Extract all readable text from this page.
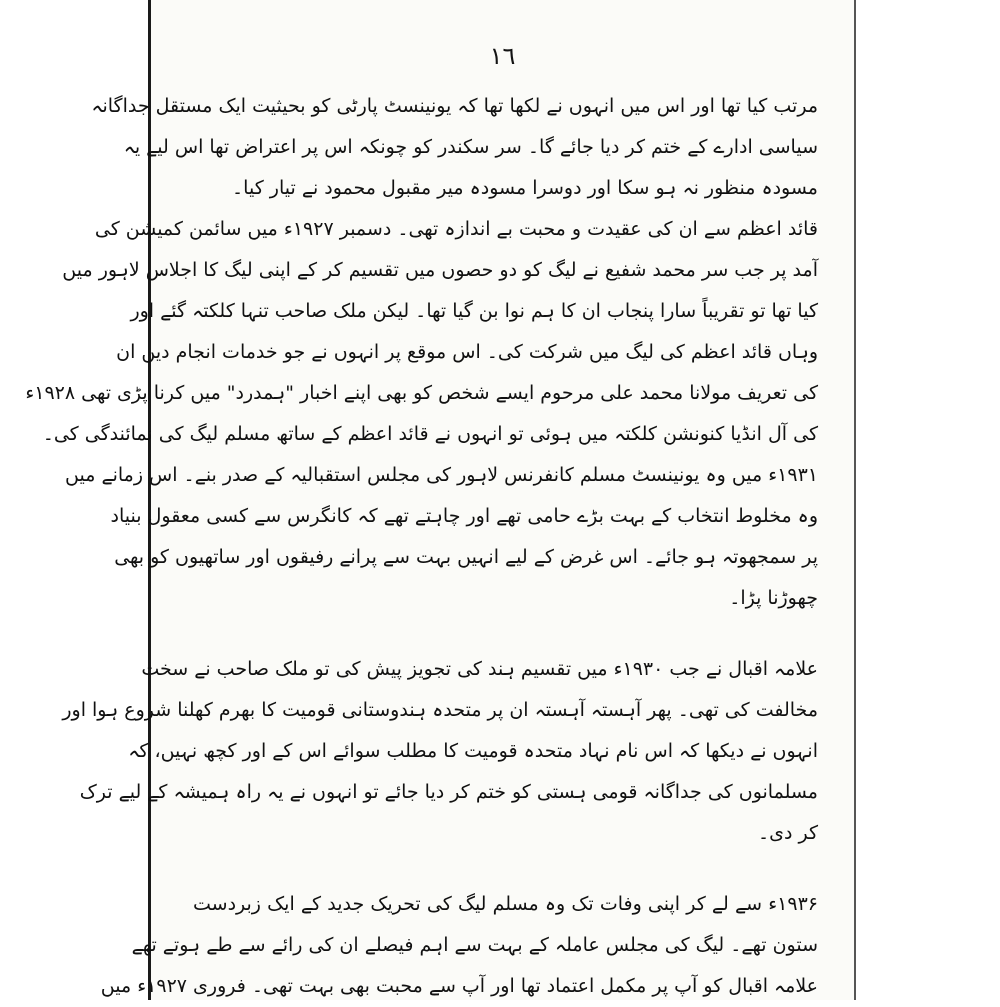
١٦

مرتب کیا تھا اور اس میں انہوں نے لکھا تھا کہ یونینسٹ پارٹی کو بحیثیت ایک مستقل جداگانہ
سیاسی ادارے کے ختم کر دیا جائے گا۔ سر سکندر کو چونکہ اس پر اعتراض تھا اس لیے یہ
مسودہ منظور نہ ہو سکا اور دوسرا مسودہ میر مقبول محمود نے تیار کیا۔

قائد اعظم سے ان کی عقیدت و محبت بے اندازہ تھی۔ دسمبر ۱۹۲۷ء میں سائمن کمیشن کی
آمد پر جب سر محمد شفیع نے لیگ کو دو حصوں میں تقسیم کر کے اپنی لیگ کا اجلاس لاہور میں
کیا تھا تو تقریباً سارا پنجاب ان کا ہم نوا بن گیا تھا۔ لیکن ملک صاحب تنہا کلکتہ گئے اور
وہاں قائد اعظم کی لیگ میں شرکت کی۔ اس موقع پر انہوں نے جو خدمات انجام دیں ان
کی تعریف مولانا محمد علی مرحوم ایسے شخص کو بھی اپنے اخبار "ہمدرد" میں کرنا پڑی تھی ۱۹۲۸ء
کی آل انڈیا کنونشن کلکتہ میں ہوئی تو انہوں نے قائد اعظم کے ساتھ مسلم لیگ کی نمائندگی کی۔
۱۹۳۱ء میں وہ یونینسٹ مسلم کانفرنس لاہور کی مجلس استقبالیہ کے صدر بنے۔ اس زمانے میں
وہ مخلوط انتخاب کے بہت بڑے حامی تھے اور چاہتے تھے کہ کانگرس سے کسی معقول بنیاد
پر سمجھوتہ ہو جائے۔ اس غرض کے لیے انہیں بہت سے پرانے رفیقوں اور ساتھیوں کو بھی
چھوڑنا پڑا۔

علامہ اقبال نے جب ۱۹۳۰ء میں تقسیم ہند کی تجویز پیش کی تو ملک صاحب نے سخت
مخالفت کی تھی۔ پھر آہستہ آہستہ ان پر متحدہ ہندوستانی قومیت کا بھرم کھلنا شروع ہوا اور
انہوں نے دیکھا کہ اس نام نہاد متحدہ قومیت کا مطلب سوائے اس کے اور کچھ نہیں، کہ
مسلمانوں کی جداگانہ قومی ہستی کو ختم کر دیا جائے تو انہوں نے یہ راہ ہمیشہ کے لیے ترک
کر دی۔

۱۹۳۶ء سے لے کر اپنی وفات تک وہ مسلم لیگ کی تحریک جدید کے ایک زبردست
ستون تھے۔ لیگ کی مجلس عاملہ کے بہت سے اہم فیصلے ان کی رائے سے طے ہوتے تھے
علامہ اقبال کو آپ پر مکمل اعتماد تھا اور آپ سے محبت بھی بہت تھی۔ فروری ۱۹۲۷ء میں
